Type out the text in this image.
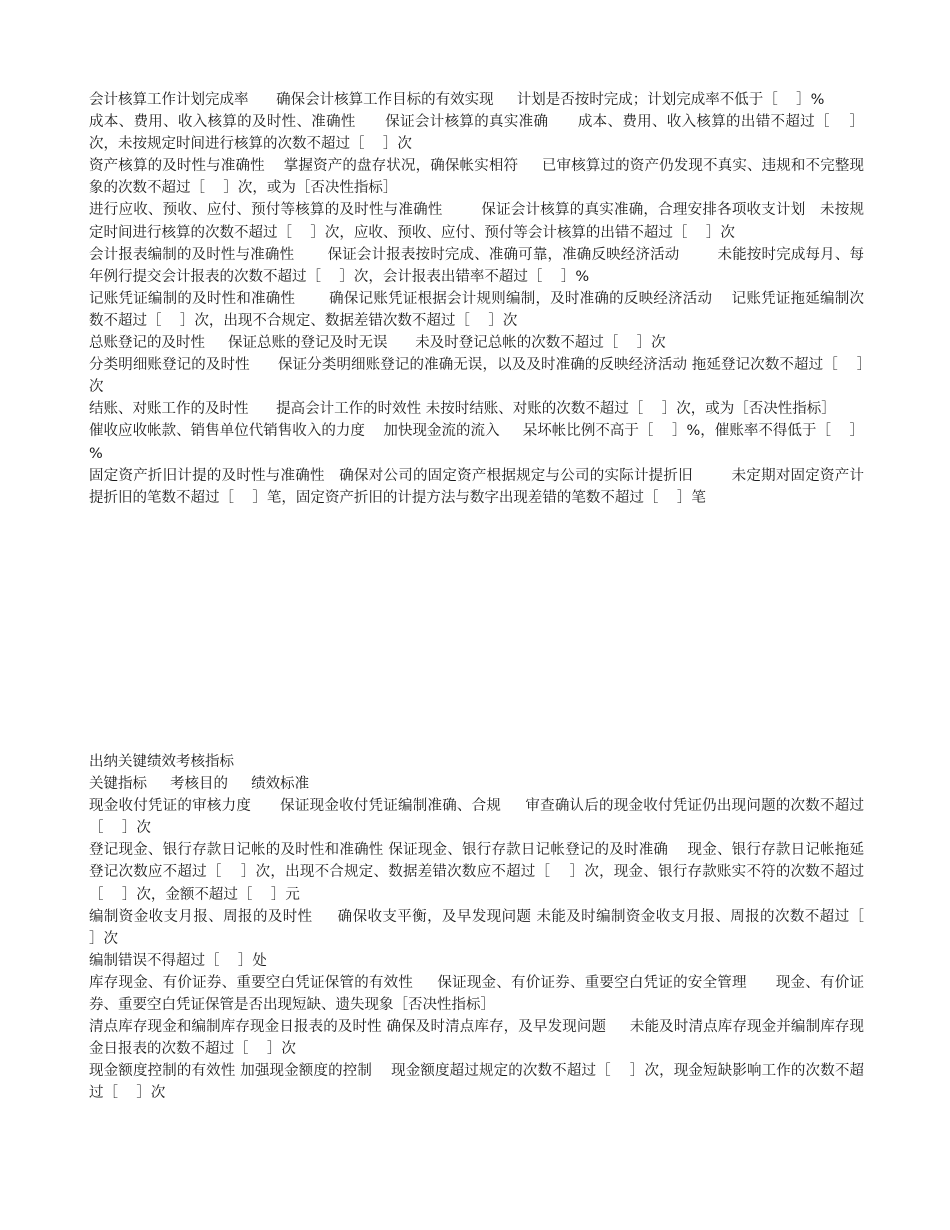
会计核算工作计划完成率      确保会计核算工作目标的有效实现     计划是否按时完成；计划完成率不低于［    ］%

成本、费用、收入核算的及时性、准确性      保证会计核算的真实准确      成本、费用、收入核算的出错不超过［    ］次，未按规定时间进行核算的次数不超过［    ］次

资产核算的及时性与准确性    掌握资产的盘存状况，确保帐实相符     已审核算过的资产仍发现不真实、违规和不完整现象的次数不超过［    ］次，或为［否决性指标］

进行应收、预收、应付、预付等核算的及时性与准确性        保证会计核算的真实准确，合理安排各项收支计划   未按规定时间进行核算的次数不超过［    ］次，应收、预收、应付、预付等会计核算的出错不超过［    ］次

会计报表编制的及时性与准确性       保证会计报表按时完成、准确可靠，准确反映经济活动        未能按时完成每月、每年例行提交会计报表的次数不超过［    ］次，会计报表出错率不超过［    ］%

记账凭证编制的及时性和准确性       确保记账凭证根据会计规则编制，及时准确的反映经济活动    记账凭证拖延编制次数不超过［    ］次，出现不合规定、数据差错次数不超过［    ］次

总账登记的及时性     保证总账的登记及时无误      未及时登记总帐的次数不超过［    ］次

分类明细账登记的及时性      保证分类明细账登记的准确无误，以及及时准确的反映经济活动 拖延登记次数不超过［    ］次

结账、对账工作的及时性      提高会计工作的时效性 未按时结账、对账的次数不超过［    ］次，或为［否决性指标］

催收应收帐款、销售单位代销售收入的力度    加快现金流的流入     呆坏帐比例不高于［    ］%，催账率不得低于［    ］%

固定资产折旧计提的及时性与准确性   确保对公司的固定资产根据规定与公司的实际计提折旧        未定期对固定资产计提折旧的笔数不超过［    ］笔，固定资产折旧的计提方法与数字出现差错的笔数不超过［    ］笔

出纳关键绩效考核指标

关键指标     考核目的     绩效标准

现金收付凭证的审核力度      保证现金收付凭证编制准确、合规     审查确认后的现金收付凭证仍出现问题的次数不超过［    ］次

登记现金、银行存款日记帐的及时性和准确性 保证现金、银行存款日记帐登记的及时准确    现金、银行存款日记帐拖延登记次数应不超过［    ］次，出现不合规定、数据差错次数应不超过［    ］次，现金、银行存款账实不符的次数不超过［    ］次，金额不超过［    ］元

编制资金收支月报、周报的及时性     确保收支平衡，及早发现问题 未能及时编制资金收支月报、周报的次数不超过［    ］次

编制错误不得超过［    ］处

库存现金、有价证券、重要空白凭证保管的有效性     保证现金、有价证券、重要空白凭证的安全管理      现金、有价证券、重要空白凭证保管是否出现短缺、遗失现象［否决性指标］

清点库存现金和编制库存现金日报表的及时性 确保及时清点库存，及早发现问题     未能及时清点库存现金并编制库存现金日报表的次数不超过［    ］次

现金额度控制的有效性 加强现金额度的控制    现金额度超过规定的次数不超过［    ］次，现金短缺影响工作的次数不超过［    ］次
